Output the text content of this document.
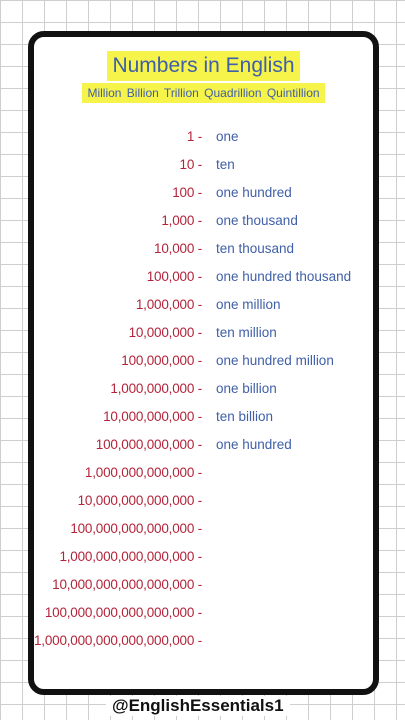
Numbers in English
Million Billion Trillion Quadrillion Quintillion
1 - one
10 - ten
100 - one hundred
1,000 - one thousand
10,000 - ten thousand
100,000 - one hundred thousand
1,000,000 - one million
10,000,000 - ten million
100,000,000 - one hundred million
1,000,000,000 - one billion
10,000,000,000 - ten billion
100,000,000,000 - one hundred
1,000,000,000,000 -
10,000,000,000,000 -
100,000,000,000,000 -
1,000,000,000,000,000 -
10,000,000,000,000,000 -
100,000,000,000,000,000 -
1,000,000,000,000,000,000 -
@EnglishEssentials1
